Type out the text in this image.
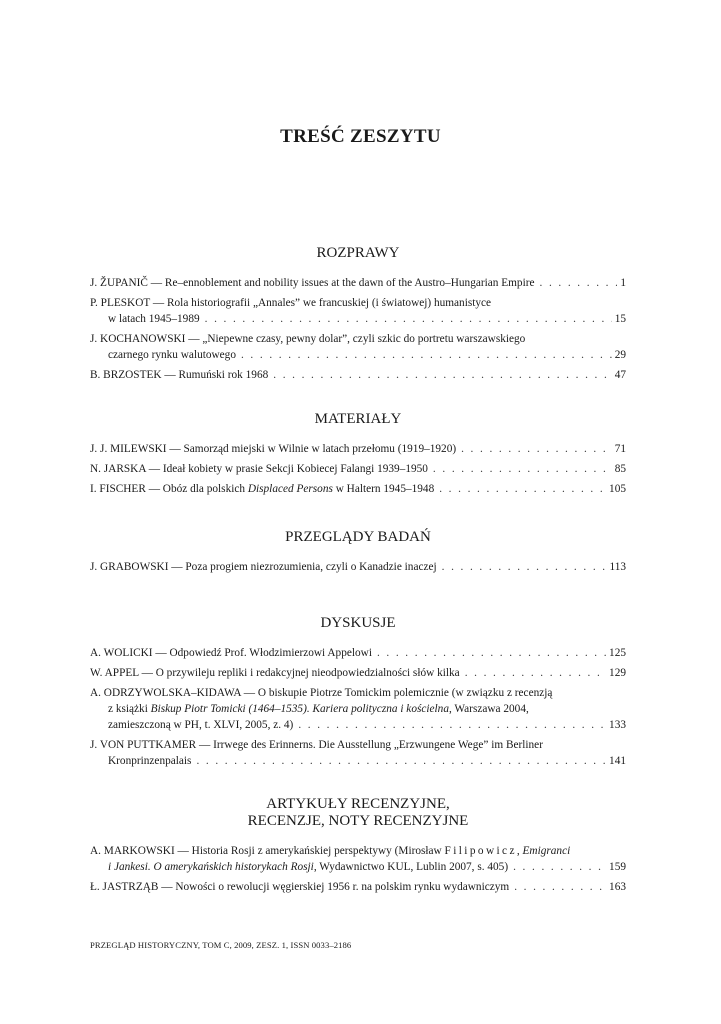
TREŚĆ ZESZYTU
ROZPRAWY
J. ŽUPANIČ — Re–ennoblement and nobility issues at the dawn of the Austro–Hungarian Empire . . .	1
P. PLESKOT — Rola historiografii „Annales” we francuskiej (i światowej) humanistyce
w latach 1945–1989 . . .	15
J. KOCHANOWSKI — „Niepewne czasy, pewny dolar”, czyli szkic do portretu warszawskiego
czarnego rynku walutowego . . .	29
B. BRZOSTEK — Rumuński rok 1968 . . .	47
MATERIAŁY
J. J. MILEWSKI — Samorząd miejski w Wilnie w latach przełomu (1919–1920) . . .	71
N. JARSKA — Ideał kobiety w prasie Sekcji Kobiecej Falangi 1939–1950 . . .	85
I. FISCHER — Obóz dla polskich Displaced Persons w Haltern 1945–1948 . . .	105
PRZEGLĄDY BADAŃ
J. GRABOWSKI — Poza progiem niezrozumienia, czyli o Kanadzie inaczej . . .	113
DYSKUSJE
A. WOLICKI — Odpowiedź Prof. Włodzimierzowi Appelowi . . .	125
W. APPEL — O przywileju repliki i redakcyjnej nieodpowiedzialności słów kilka . . .	129
A. ODRZYWOLSKA–KIDAWA — O biskupie Piotrze Tomickim polemicznie (w związku z recenzją
z książki Biskup Piotr Tomicki (1464–1535). Kariera polityczna i kościelna, Warszawa 2004,
zamieszczoną w PH, t. XLVI, 2005, z. 4) . . .	133
J. VON PUTTKAMER — Irrwege des Erinnerns. Die Ausstellung „Erzwungene Wege” im Berliner
Kronprinzenpalais . . .	141
ARTYKUŁY RECENZYJNE,
RECENZJE, NOTY RECENZYJNE
A. MARKOWSKI — Historia Rosji z amerykańskiej perspektywy (Mirosław Filipowicz, Emigranci
i Jankesi. O amerykańskich historykach Rosji, Wydawnictwo KUL, Lublin 2007, s. 405) . . .	159
Ł. JASTRZĄB — Nowości o rewolucji węgierskiej 1956 r. na polskim rynku wydawniczym . . .	163
PRZEGLĄD HISTORYCZNY, TOM C, 2009, ZESZ. 1, ISSN 0033–2186
